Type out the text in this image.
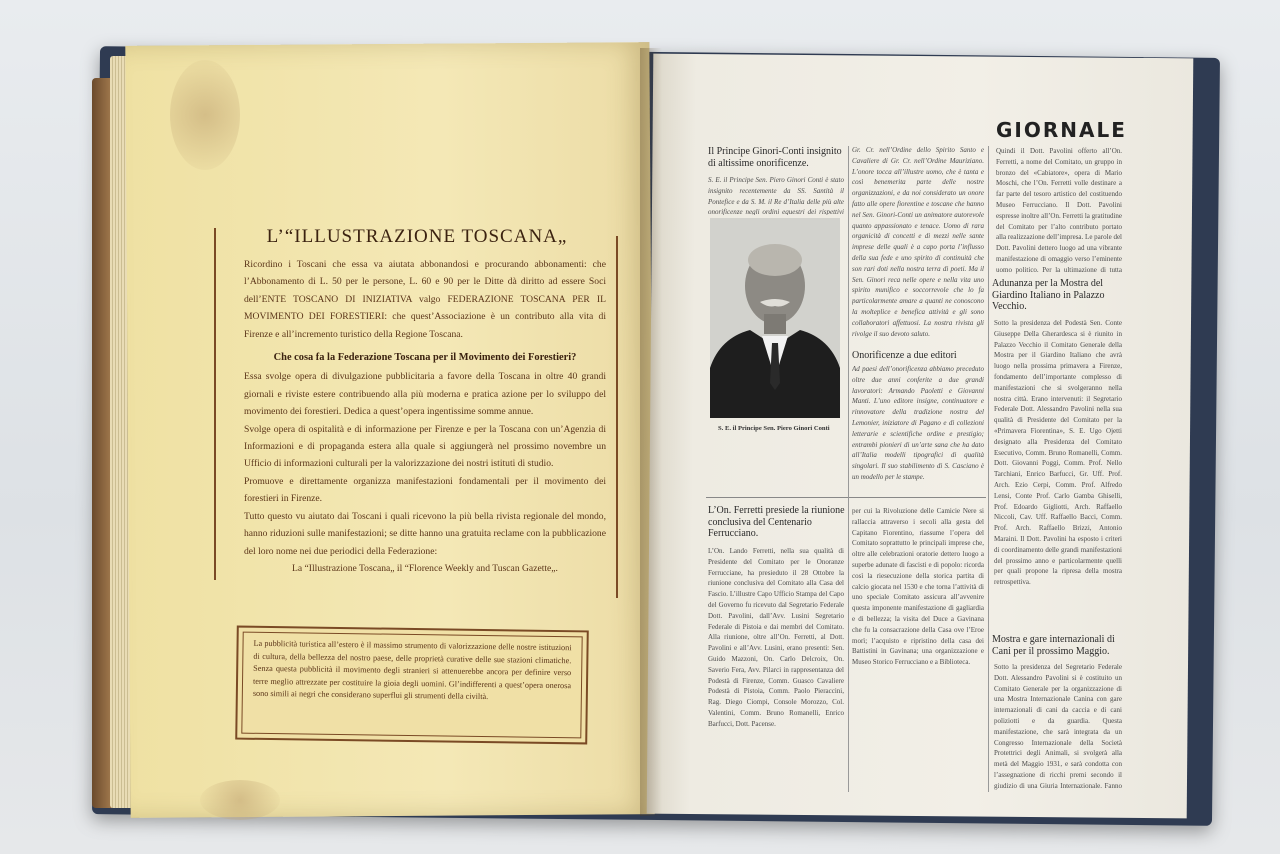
L’“ILLUSTRAZIONE TOSCANA„

Ricordino i Toscani che essa va aiutata abbonandosi e procurando abbonamenti: che l’Abbonamento di L. 50 per le persone, L. 60 e 90 per le Ditte dà diritto ad essere Soci dell’ENTE TOSCANO DI INIZIATIVA valgo FEDERAZIONE TOSCANA PER IL MOVIMENTO DEI FORESTIERI: che quest’Associazione è un contributo alla vita di Firenze e all’incremento turistico della Regione Toscana.

Che cosa fa la Federazione Toscana per il Movimento dei Forestieri?

Essa svolge opera di divulgazione pubblicitaria a favore della Toscana in oltre 40 grandi giornali e riviste estere contribuendo alla più moderna e pratica azione per lo sviluppo del movimento dei forestieri. Dedica a quest’opera ingentissime somme annue.

Svolge opera di ospitalità e di informazione per Firenze e per la Toscana con un’Agenzia di Informazioni e di propaganda estera alla quale si aggiungerà nel prossimo novembre un Ufficio di informazioni culturali per la valorizzazione dei nostri istituti di studio.

Promuove e direttamente organizza manifestazioni fondamentali per il movimento dei forestieri in Firenze.

Tutto questo vu aiutato dai Toscani i quali ricevono la più bella rivista regionale del mondo, hanno riduzioni sulle manifestazioni; se ditte hanno una gratuita reclame con la pubblicazione del loro nome nei due periodici della Federazione:

La “Illustrazione Toscana„ il “Florence Weekly and Tuscan Gazette„.
La pubblicità turistica all’estero è il massimo strumento di valorizzazione delle nostre istituzioni di cultura, della bellezza del nostro paese, delle proprietà curative delle sue stazioni climatiche. Senza questa pubblicità il movimento degli stranieri si attenuerebbe ancora per definire verso terre meglio attrezzate per costituire la gioia degli uomini. Gl’indifferenti a quest’opera onerosa sono simili ai negri che considerano superflui gli strumenti della civiltà.
GIORNALE
Il Principe Ginori-Conti insignito di altissime onorificenze.
S. E. il Principe Sen. Piero Ginori Conti è stato insignito recentemente da SS. Santità il Pontefice e da S. M. il Re d’Italia delle più alte onorificenze negli ordini equestri dei rispettivi
S. E. il Principe Sen. Piero Ginori Conti
Gr. Cr. nell’Ordine dello Spirito Santo e Cavaliere di Gr. Cr. nell’Ordine Mauriziano. L’onore tocca all’illustre uomo, che è tanta e così benemerita parte delle nostre organizzazioni, e da noi considerato un onore fatto alle opere fiorentine e toscane che hanno nel Sen. Ginori-Conti un animatore autorevole quanto appassionato e tenace. Uomo di rara organicità di concetti e di mezzi nelle sante imprese delle quali è a capo porta l’influsso della sua fede e uno spirito di continuità che son rari doti nella nostra terra di poeti. Ma il Sen. Ginori reca nelle opere e nella vita uno spirito munifico e soccorrevole che lo fa particolarmente amare a quanti ne conoscono la molteplice e benefica attività e gli sono collaboratori affettuosi. La nostra rivista gli rivolge il suo devoto saluto.
Onorificenze a due editori
Ad paesi dell’onorificenza abbiamo preceduto oltre due anni conferite a due grandi lavoratori: Armando Paoletti e Giovanni Manti. L’uno editore insigne, continuatore e rinnovatore della tradizione nostra del Lemonier, iniziatore di Pagano e di collezioni letterarie e scientifiche ordine e prestigio; entrambi pionieri di un’arte sana che ha dato all’Italia modelli tipografici di qualità singolari. Il suo stabilimento di S. Casciano è un modello per le stampe.
L’On. Ferretti presiede la riunione conclusiva del Centenario Ferrucciano.
L’On. Lando Ferretti, nella sua qualità di Presidente del Comitato per le Onoranze Ferrucciane, ha presieduto il 28 Ottobre la riunione conclusiva del Comitato alla Casa del Fascio. L’illustre Capo Ufficio Stampa del Capo del Governo fu ricevuto dal Segretario Federale Dott. Pavolini, dall’Avv. Lusini Segretario Federale di Pistoia e dai membri del Comitato. Alla riunione, oltre all’On. Ferretti, al Dott. Pavolini e all’Avv. Lusini, erano presenti: Sen. Guido Mazzoni, On. Carlo Delcroix, On. Saverio Fera, Avv. Pilarci in rappresentanza del Podestà di Firenze, Comm. Guasco Cavaliere Podestà di Pistoia, Comm. Paolo Pieraccini, Rag. Diego Ciompi, Console Morozzo, Col. Valentini, Comm. Bruno Romanelli, Enrico Barfucci, Dott. Pacense.
per cui la Rivoluzione delle Camicie Nere si rallaccia attraverso i secoli alla gesta del Capitano Fiorentino, riassume l’opera del Comitato soprattutto le principali imprese che, oltre alle celebrazioni oratorie dettero luogo a superbe adunate di fascisti e di popolo: ricorda così la riesecuzione della storica partita di calcio giocata nel 1530 e che torna l’attività di uno speciale Comitato assicura all’avvenire questa imponente manifestazione di gagliardia e di bellezza; la visita del Duce a Gavinana che fu la consacrazione della Casa ove l’Eroe morì; l’acquisto e ripristino della casa dei Battistini in Gavinana; una organizzazione e Museo Storico Ferrucciano e a Biblioteca.
Quindi il Dott. Pavolini offerto all’On. Ferretti, a nome del Comitato, un gruppo in bronzo del «Cabiatore», opera di Mario Moschi, che l’On. Ferretti volle destinare a far parte del tesoro artistico del costituendo Museo Ferrucciano. Il Dott. Pavolini espresse inoltre all’On. Ferretti la gratitudine del Comitato per l’alto contributo portato alla realizzazione dell’impresa. Le parole del Dott. Pavolini dettero luogo ad una vibrante manifestazione di omaggio verso l’eminente uomo politico. Per la ultimazione di tutta
Adunanza per la Mostra del Giardino Italiano in Palazzo Vecchio.
Sotto la presidenza del Podestà Sen. Conte Giuseppe Della Gherardesca si è riunito in Palazzo Vecchio il Comitato Generale della Mostra per il Giardino Italiano che avrà luogo nella prossima primavera a Firenze, fondamento dell’importante complesso di manifestazioni che si svolgeranno nella nostra città. Erano intervenuti: il Segretario Federale Dott. Alessandro Pavolini nella sua qualità di Presidente del Comitato per la «Primavera Fiorentina», S. E. Ugo Ojetti designato alla Presidenza del Comitato Esecutivo, Comm. Bruno Romanelli, Comm. Dott. Giovanni Poggi, Comm. Prof. Nello Tarchiani, Enrico Barfucci, Gr. Uff. Prof. Arch. Ezio Cerpi, Comm. Prof. Alfredo Lensi, Conte Prof. Carlo Gamba Ghiselli, Prof. Edoardo Gigliotti, Arch. Raffaello Niccoli, Cav. Uff. Raffaello Bacci, Comm. Prof. Arch. Raffaello Brizzi, Antonio Maraini. Il Dott. Pavolini ha esposto i criteri di coordinamento delle grandi manifestazioni del prossimo anno e particolarmente quelli per quali propone la ripresa della mostra retrospettiva.
Mostra e gare internazionali di Cani per il prossimo Maggio.
Sotto la presidenza del Segretario Federale Dott. Alessandro Pavolini si è costituito un Comitato Generale per la organizzazione di una Mostra Internazionale Canina con gare internazionali di cani da caccia e di cani poliziotti e da guardia. Questa manifestazione, che sarà integrata da un Congresso Internazionale della Società Protettrici degli Animali, si svolgerà alla metà del Maggio 1931, e sarà condotta con l’assegnazione di ricchi premi secondo il giudizio di una Giuria Internazionale. Fanno
